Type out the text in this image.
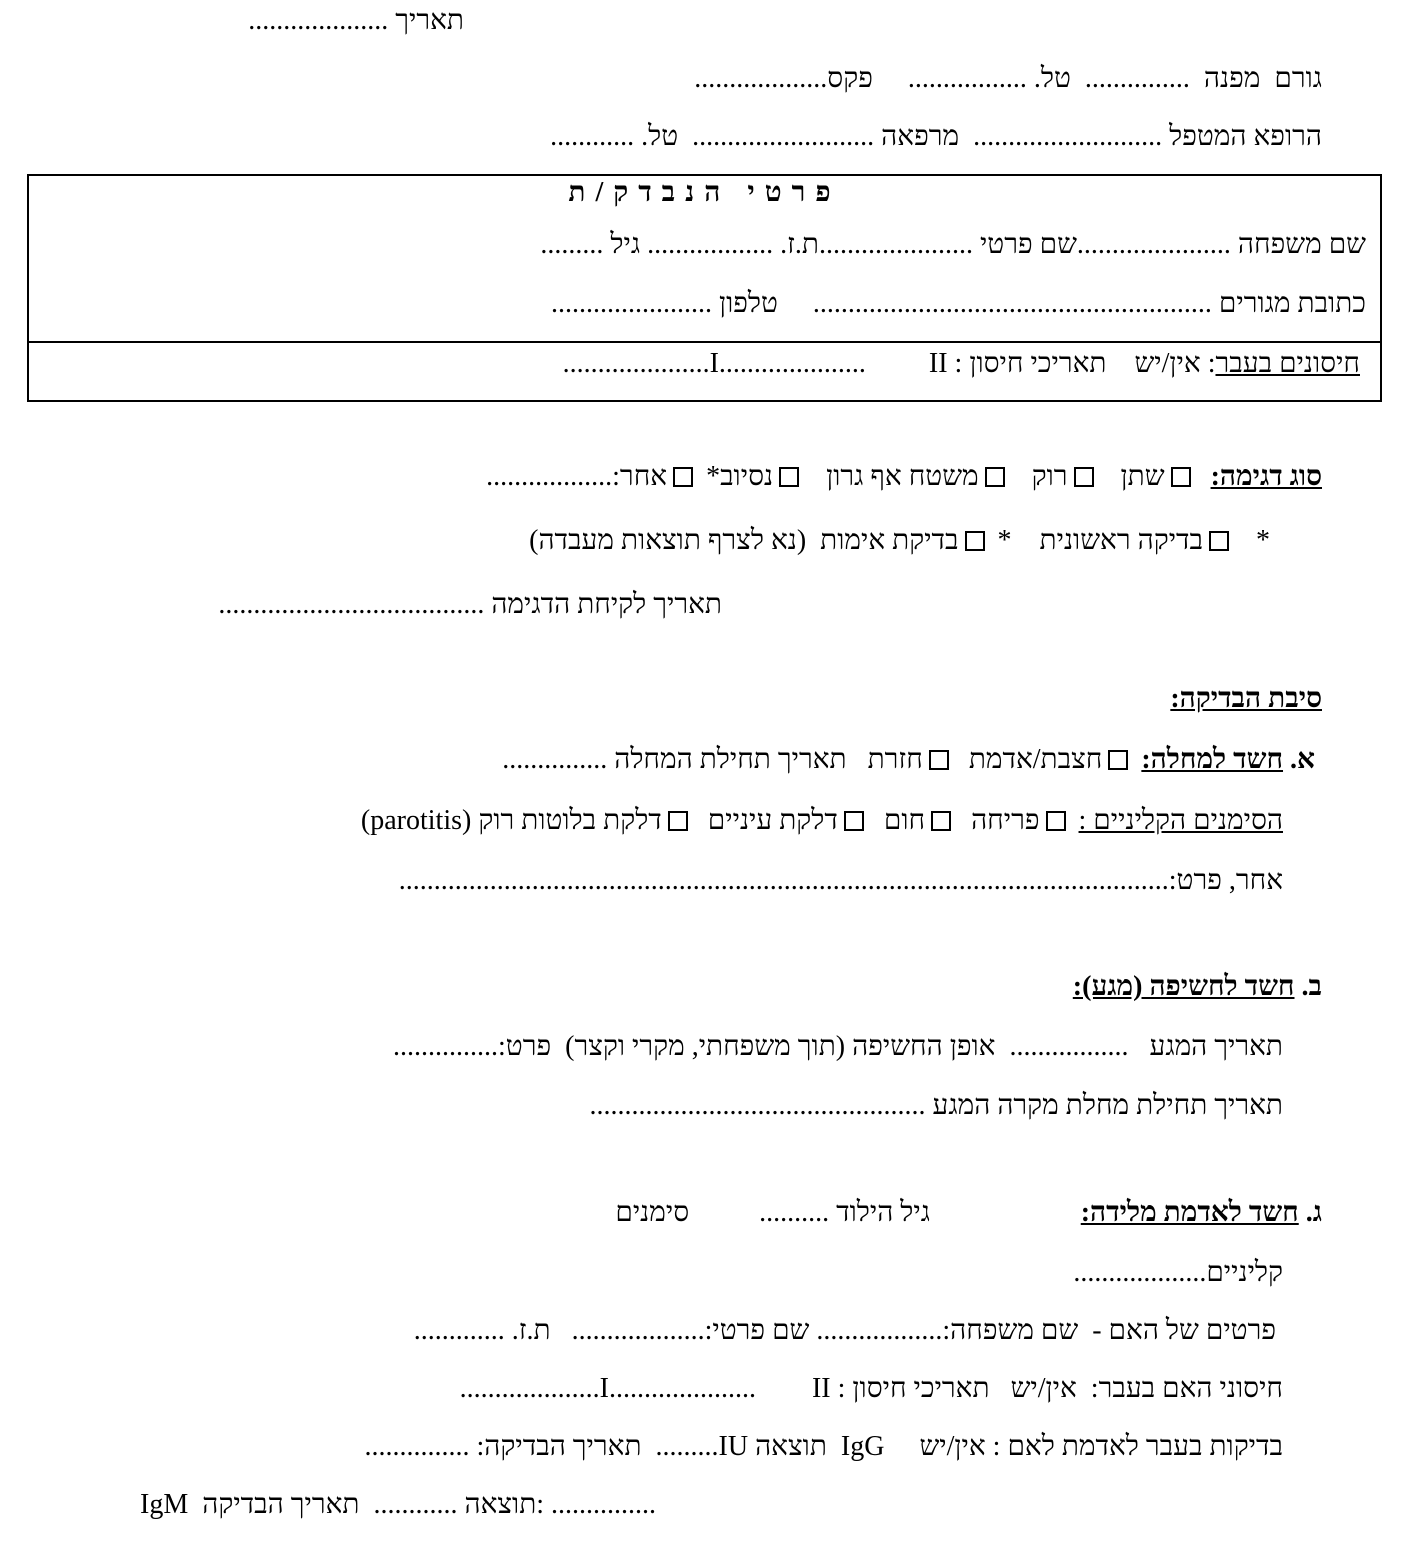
תאריך ....................
גורם  מפנה  ...............  טל. .................     פקס...................
הרופא המטפל ...........................  מרפאה ..........................  טל. ............
פרטי הנבדק/ת
שם משפחה ......................שם פרטי ......................ת.ז. .................. גיל .........
כתובת מגורים .........................................................     טלפון .......................
חיסונים בעבר: אין/יש    תאריכי חיסון : I.....................         II.....................
סוג דגימה:  שתן   רוק   משטח אף גרון   נסיוב* אחר:..................
*   בדיקה ראשונית    * בדיקת אימות  (נא לצרף תוצאות מעבדה)
תאריך לקיחת הדגימה ......................................
סיבת הבדיקה:
א. חשד למחלה: חצבת/אדמת  חזרת   תאריך תחילת המחלה ...............
הסימנים הקליניים : פריחה  חום  דלקת עיניים  דלקת בלוטות רוק (parotitis)
אחר, פרט:..............................................................................................................
ב. חשד לחשיפה (מגע):
תאריך המגע   .................  אופן החשיפה (תוך משפחתי, מקרי וקצר)  פרט:...............
תאריך תחילת מחלת מקרה המגע ................................................
ג. חשד לאדמת מלידה:
גיל הילוד ..........          סימנים
קליניים...................
פרטים של האם -  שם משפחה:.................. שם פרטי:...................   ת.ז. .............
חיסוני האם בעבר:  אין/יש   תאריכי חיסון : I.....................        II....................
בדיקות בעבר לאדמת לאם : אין/יש     IgG  תוצאה IU.........  תאריך הבדיקה: ...............
IgM  תוצאה ............  תאריך הבדיקה: ...............
